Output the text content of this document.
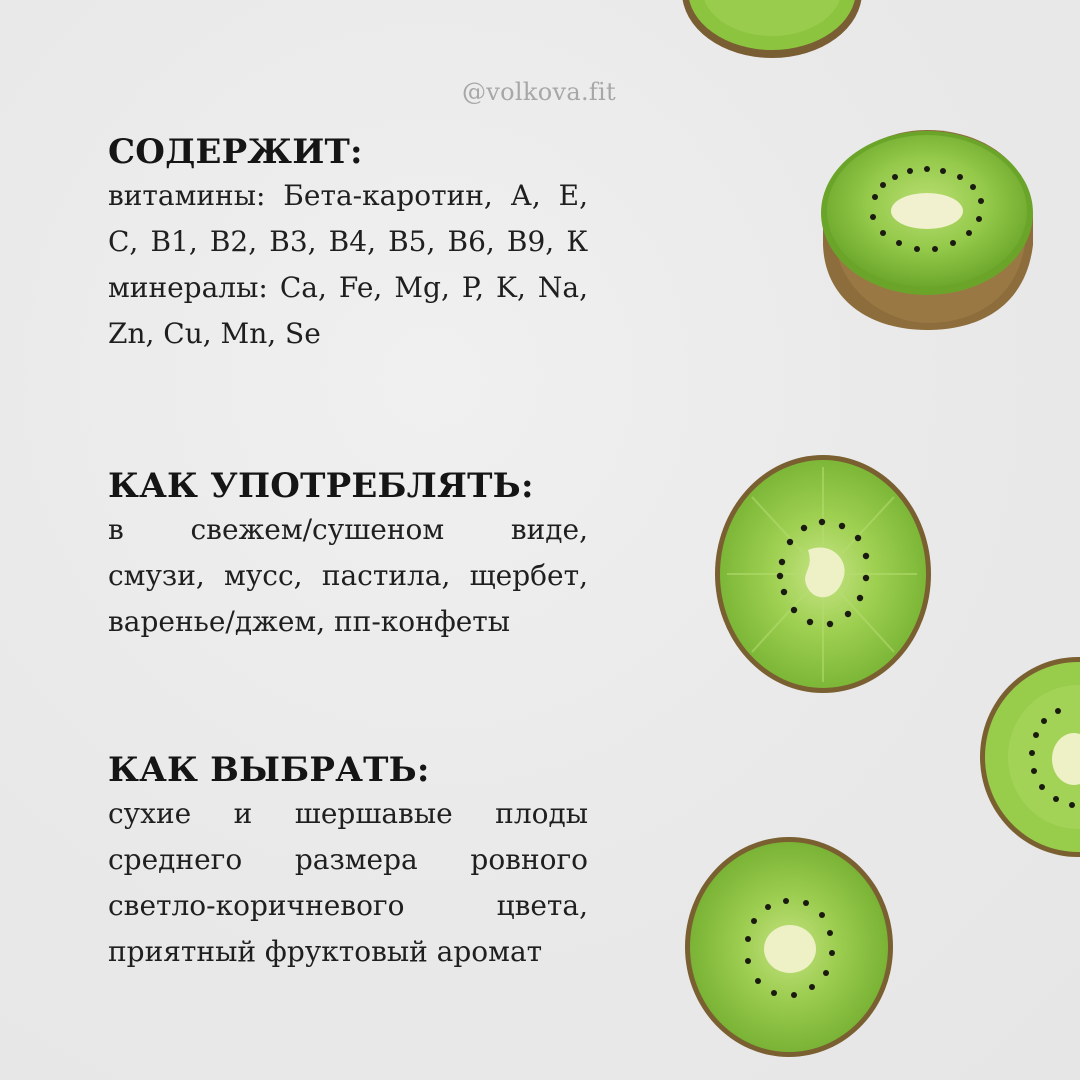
@volkova.fit
СОДЕРЖИТ:

витамины: Бета-каротин, А, Е,
С, В1, В2, В3, В4, В5, В6, В9, К
минералы: Ca, Fe, Mg, P, K, Na,
Zn, Cu, Mn, Se

КАК УПОТРЕБЛЯТЬ:

в свежем/сушеном виде,
смузи, мусс, пастила, щербет,
варенье/джем, пп-конфеты

КАК ВЫБРАТЬ:

сухие и шершавые плоды
среднего размера ровного
светло-коричневого цвета,
приятный фруктовый аромат
